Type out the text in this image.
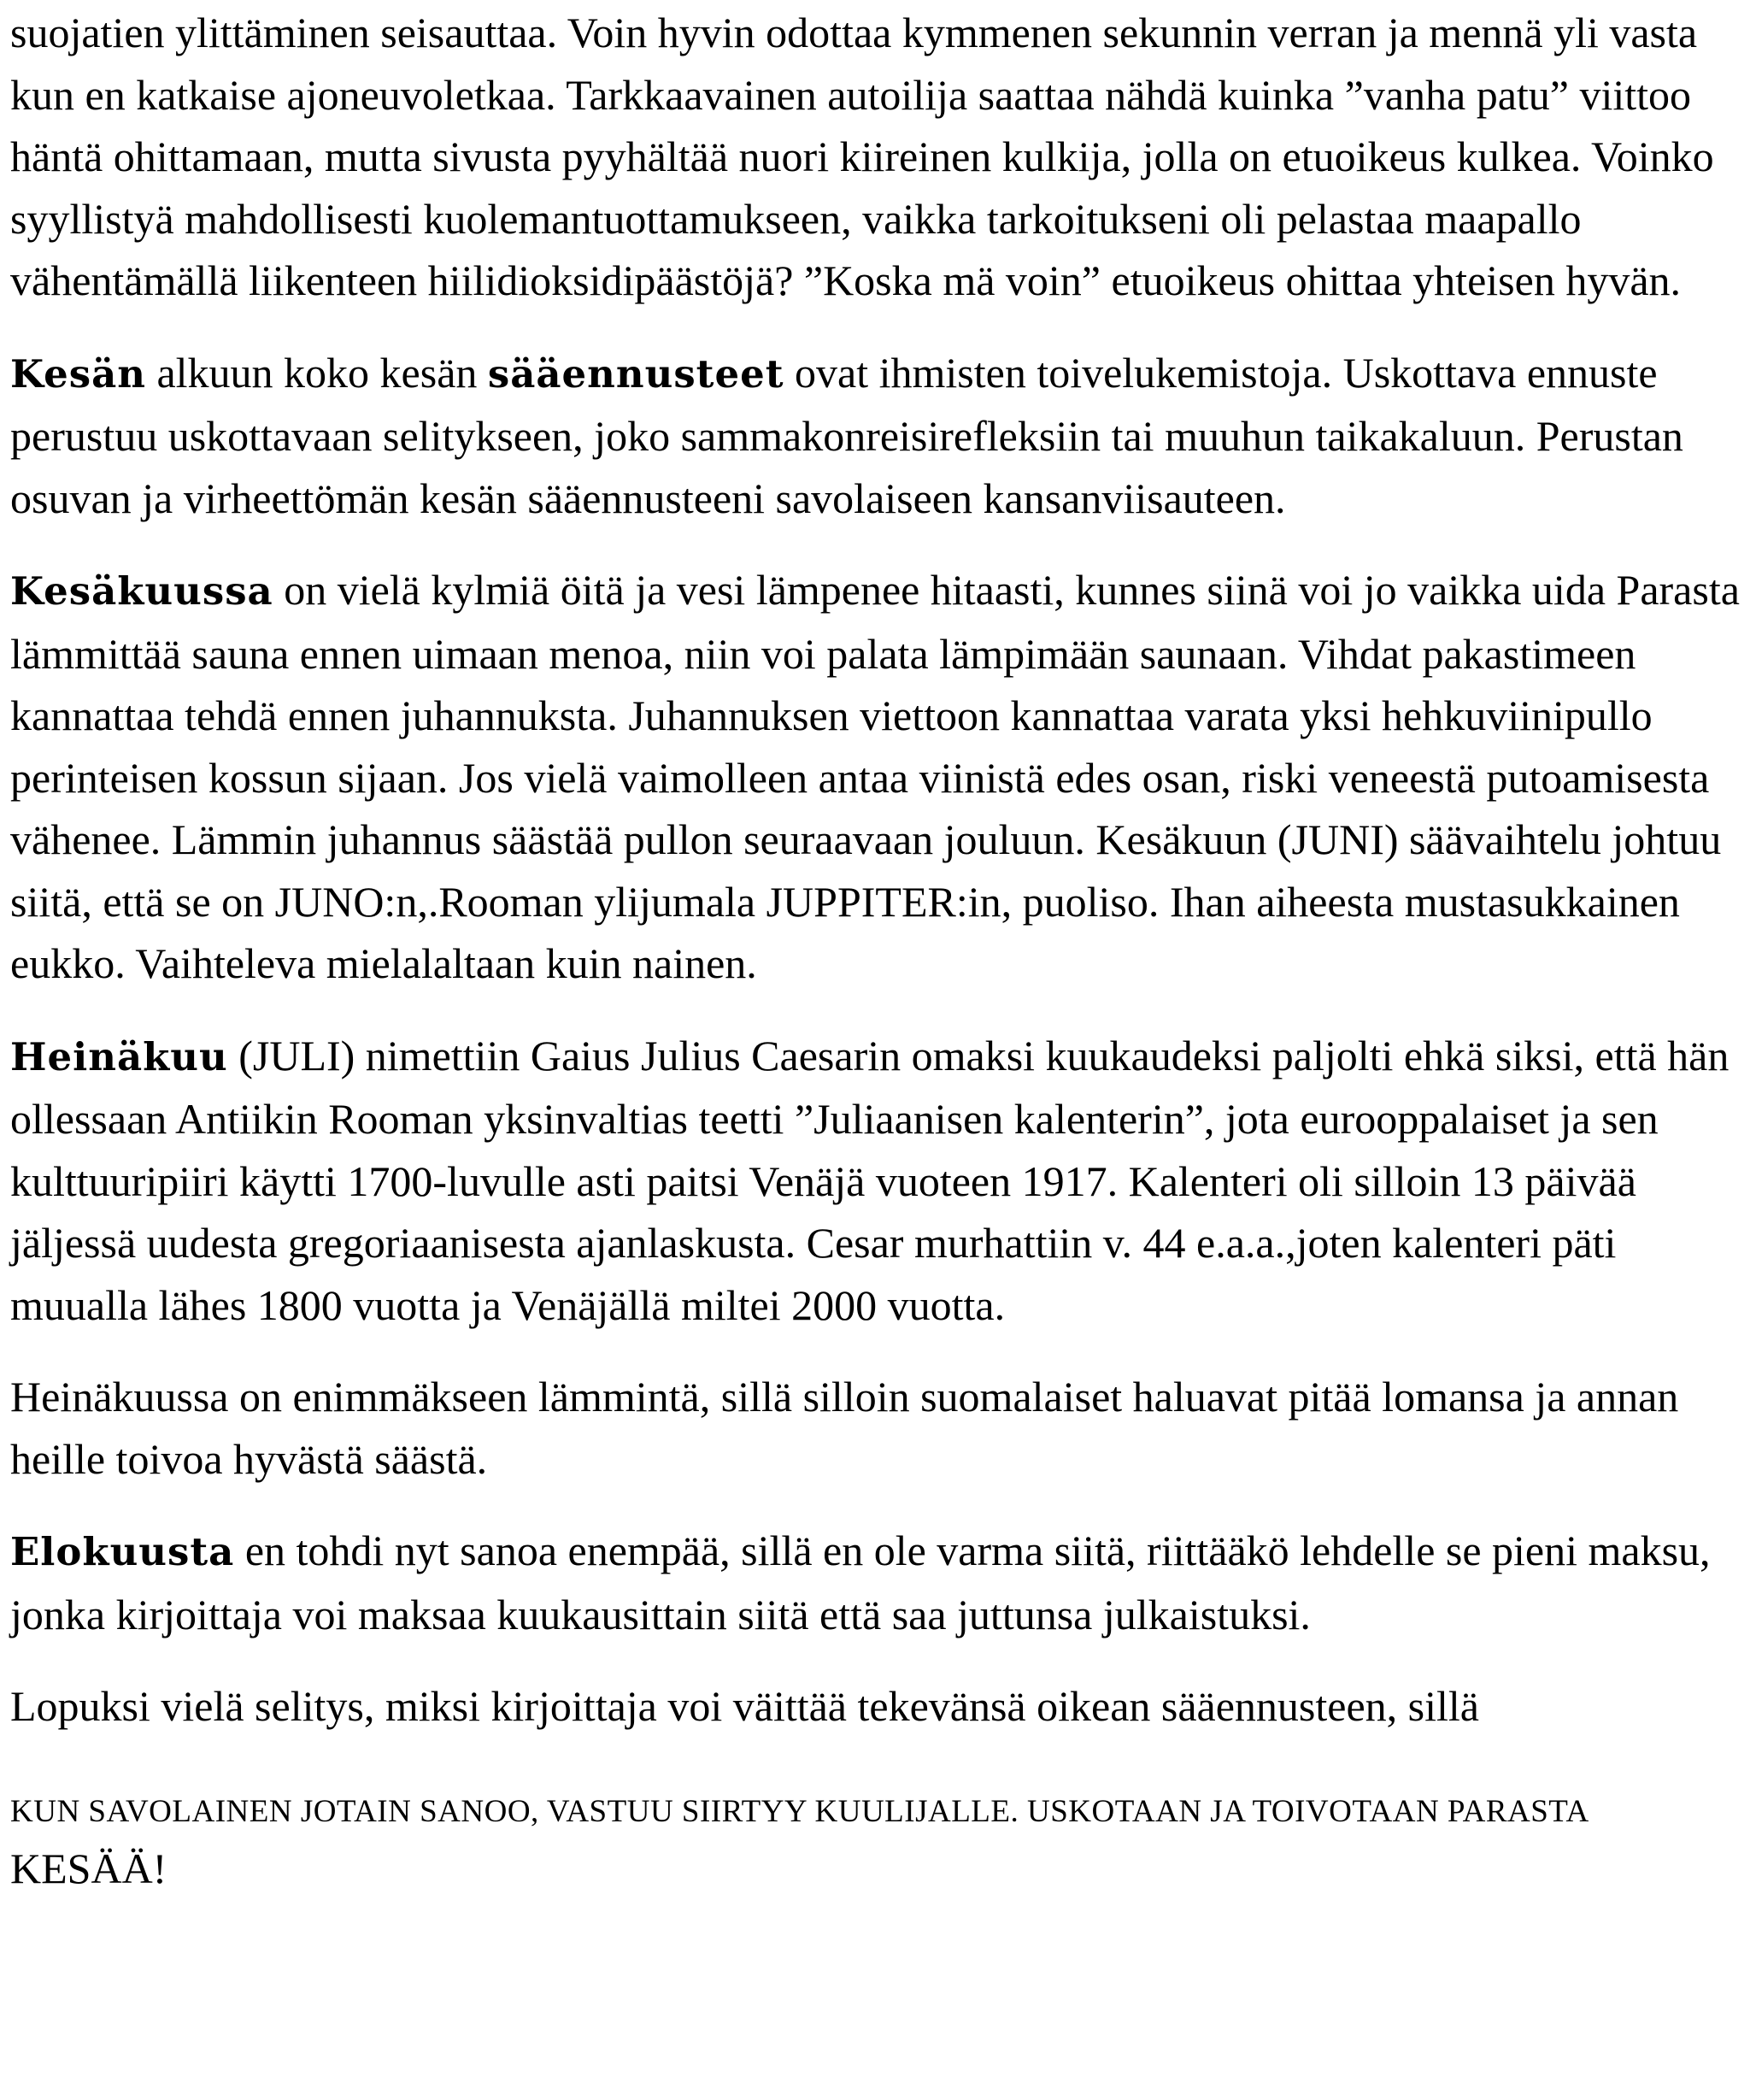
suojatien ylittäminen seisauttaa. Voin hyvin odottaa kymmenen sekunnin verran ja mennä yli vasta kun en katkaise ajoneuvoletkaa. Tarkkaavainen autoilija saattaa nähdä kuinka ”vanha patu” viittoo häntä ohittamaan, mutta sivusta pyyhältää nuori kiireinen kulkija, jolla on etuoikeus kulkea. Voinko syyllistyä mahdollisesti kuolemantuottamukseen, vaikka tarkoitukseni oli pelastaa maapallo vähentämällä liikenteen hiilidioksidipäästöjä? ”Koska mä voin” etuoikeus ohittaa yhteisen hyvän.

Kesän alkuun koko kesän sääennusteet ovat ihmisten toivelukemistoja. Uskottava ennuste perustuu uskottavaan selitykseen, joko sammakonreisirefleksiin tai muuhun taikakaluun. Perustan osuvan ja virheettömän kesän sääennusteeni savolaiseen kansanviisauteen.

Kesäkuussa on vielä kylmiä öitä ja vesi lämpenee hitaasti, kunnes siinä voi jo vaikka uida Parasta lämmittää sauna ennen uimaan menoa, niin voi palata lämpimään saunaan. Vihdat pakastimeen kannattaa tehdä ennen juhannuksta. Juhannuksen viettoon kannattaa varata yksi hehkuviinipullo perinteisen kossun sijaan. Jos vielä vaimolleen antaa viinistä edes osan, riski veneestä putoamisesta vähenee. Lämmin juhannus säästää pullon seuraavaan jouluun. Kesäkuun (JUNI) säävaihtelu johtuu siitä, että se on JUNO:n,.Rooman ylijumala JUPPITER:in, puoliso. Ihan aiheesta mustasukkainen eukko. Vaihteleva mielalaltaan kuin nainen.

Heinäkuu (JULI) nimettiin Gaius Julius Caesarin omaksi kuukaudeksi paljolti ehkä siksi, että hän ollessaan Antiikin Rooman yksinvaltias teetti ”Juliaanisen kalenterin”, jota eurooppalaiset ja sen kulttuuripiiri käytti 1700-luvulle asti paitsi Venäjä vuoteen 1917. Kalenteri oli silloin 13 päivää jäljessä uudesta gregoriaanisesta ajanlaskusta. Cesar murhattiin v. 44 e.a.a.,joten kalenteri päti muualla lähes 1800 vuotta ja Venäjällä miltei 2000 vuotta.

Heinäkuussa on enimmäkseen lämmintä, sillä silloin suomalaiset haluavat pitää lomansa ja annan heille toivoa hyvästä säästä.

Elokuusta en tohdi nyt sanoa enempää, sillä en ole varma siitä, riittääkö lehdelle se pieni maksu, jonka kirjoittaja voi maksaa kuukausittain siitä että saa juttunsa julkaistuksi.

Lopuksi vielä selitys, miksi kirjoittaja voi väittää tekevänsä oikean sääennusteen, sillä

KUN SAVOLAINEN JOTAIN SANOO, VASTUU SIIRTYY KUULIJALLE. USKOTAAN JA TOIVOTAAN PARASTA
KESÄÄ!
